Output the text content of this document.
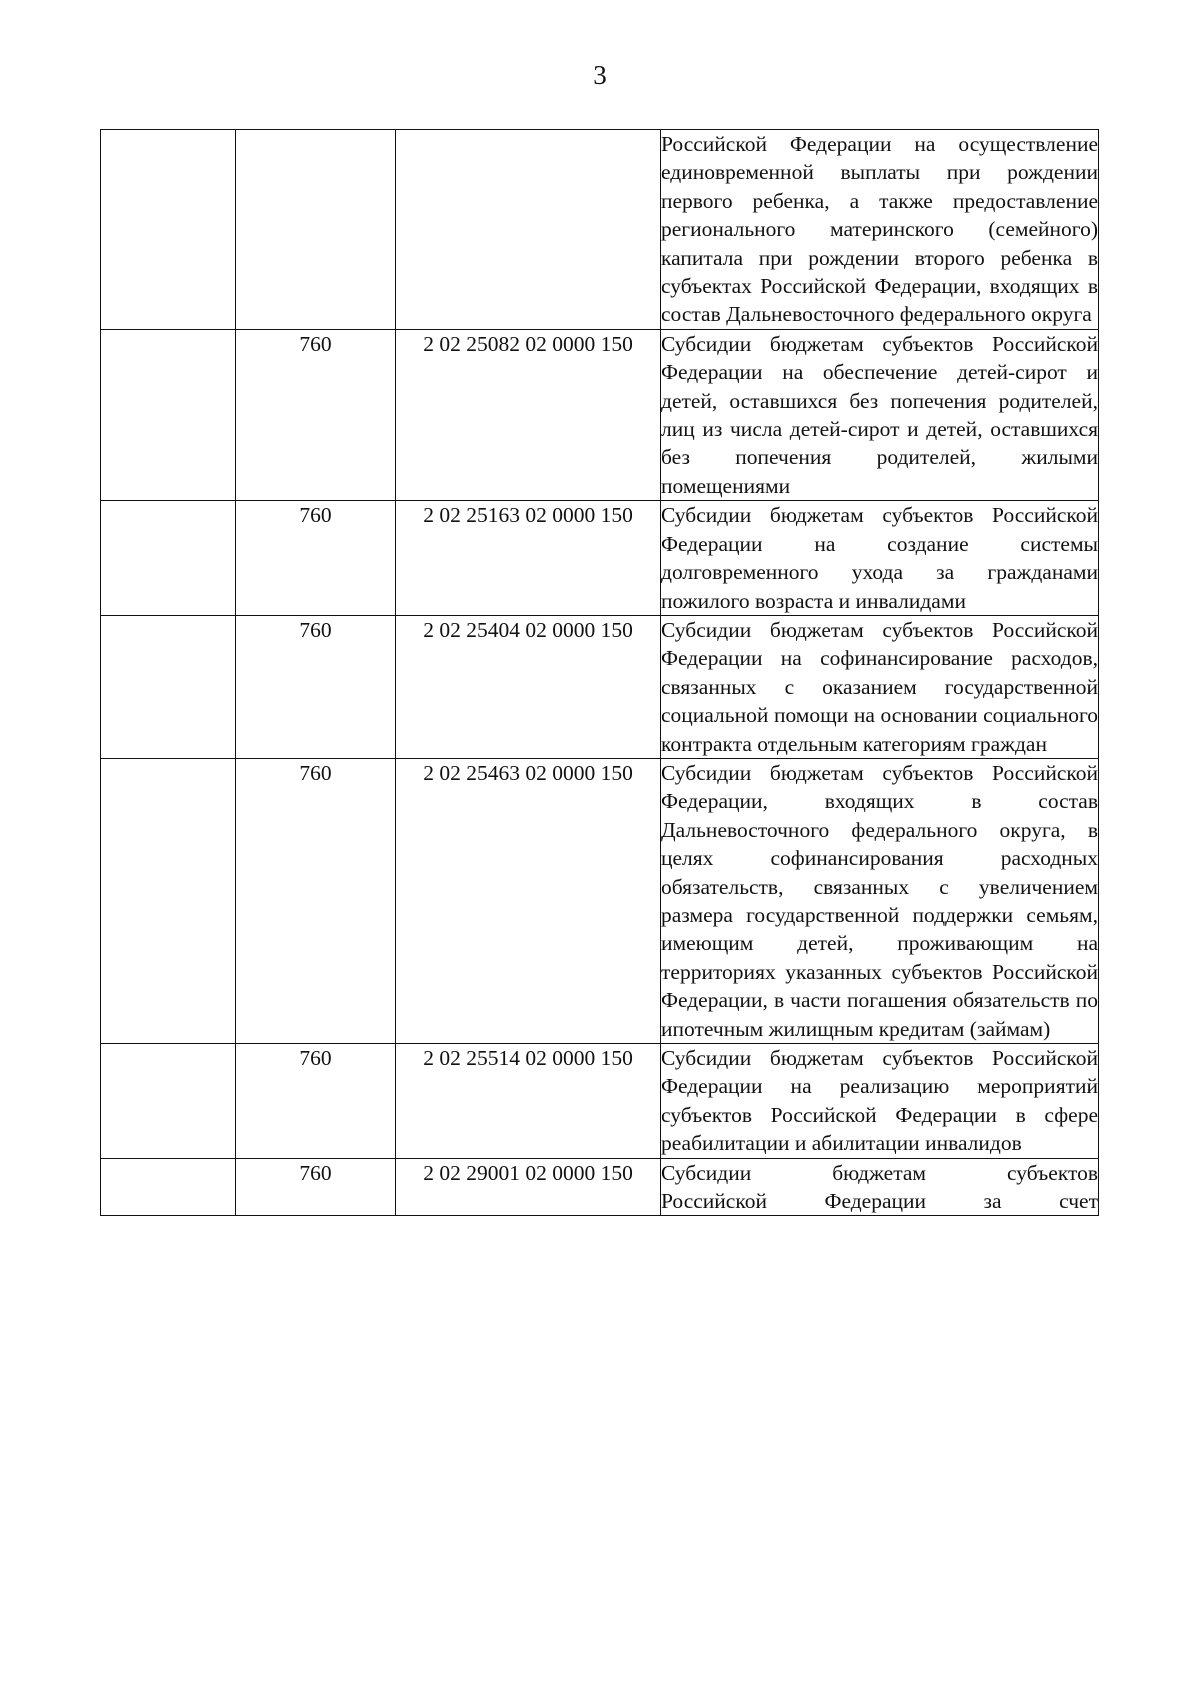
3
			Российской Федерации на осуществление единовременной выплаты при рождении первого ребенка, а также предоставление регионального материнского (семейного) капитала при рождении второго ребенка в субъектах Российской Федерации, входящих в состав Дальневосточного федерального округа
	760	2 02 25082 02 0000 150	Субсидии бюджетам субъектов Российской Федерации на обеспечение детей-сирот и детей, оставшихся без попечения родителей, лиц из числа детей-сирот и детей, оставшихся без попечения родителей, жилыми помещениями
	760	2 02 25163 02 0000 150	Субсидии бюджетам субъектов Российской Федерации на создание системы долговременного ухода за гражданами пожилого возраста и инвалидами
	760	2 02 25404 02 0000 150	Субсидии бюджетам субъектов Российской Федерации на софинансирование расходов, связанных с оказанием государственной социальной помощи на основании социального контракта отдельным категориям граждан
	760	2 02 25463 02 0000 150	Субсидии бюджетам субъектов Российской Федерации, входящих в состав Дальневосточного федерального округа, в целях софинансирования расходных обязательств, связанных с увеличением размера государственной поддержки семьям, имеющим детей, проживающим на территориях указанных субъектов Российской Федерации, в части погашения обязательств по ипотечным жилищным кредитам (займам)
	760	2 02 25514 02 0000 150	Субсидии бюджетам субъектов Российской Федерации на реализацию мероприятий субъектов Российской Федерации в сфере реабилитации и абилитации инвалидов
	760	2 02 29001 02 0000 150	Субсидии бюджетам субъектов
Российской Федерации за счет
